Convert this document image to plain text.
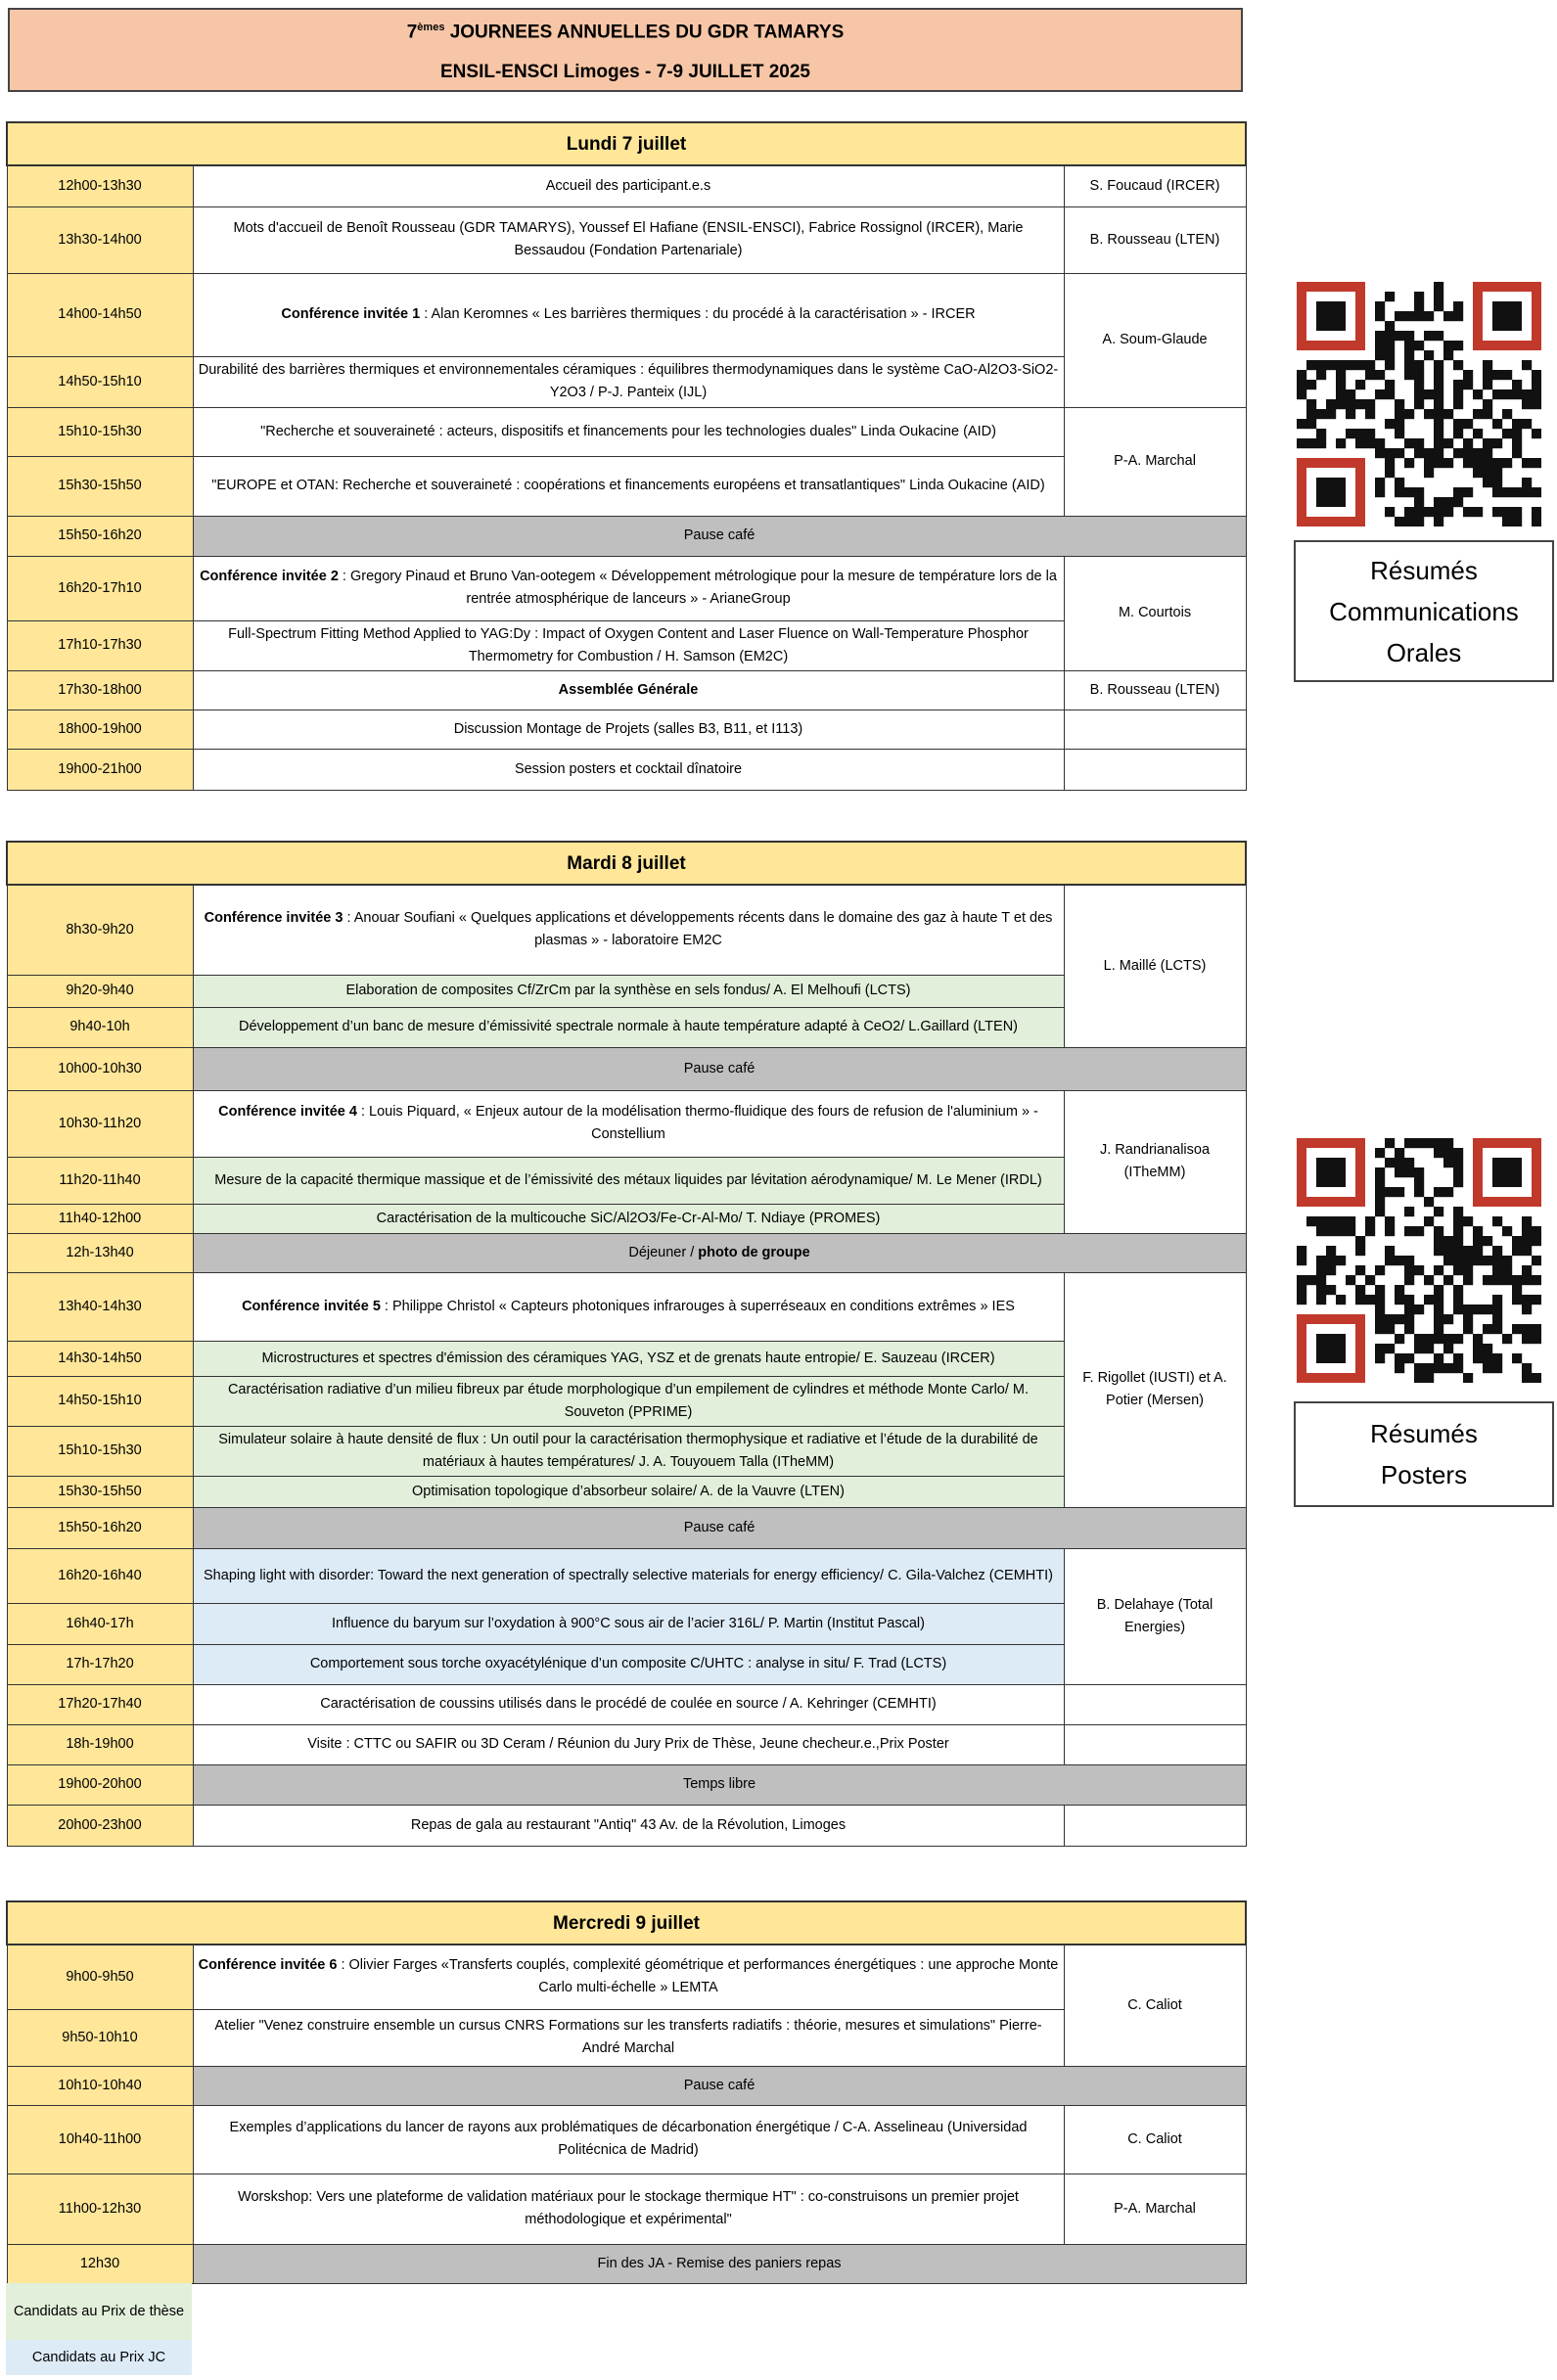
7èmes JOURNEES ANNUELLES DU GDR TAMARYS
ENSIL-ENSCI Limoges - 7-9 JUILLET 2025
Lundi 7 juillet		
12h00-13h30	Accueil des participant.e.s	S. Foucaud (IRCER)
13h30-14h00	Mots d'accueil de Benoît Rousseau (GDR TAMARYS), Youssef El Hafiane (ENSIL-ENSCI), Fabrice Rossignol (IRCER), Marie Bessaudou (Fondation Partenariale)	B. Rousseau (LTEN)
14h00-14h50	Conférence invitée 1 : Alan Keromnes « Les barrières thermiques : du procédé à la caractérisation » - IRCER	A. Soum-Glaude
14h50-15h10	Durabilité des barrières thermiques et environnementales céramiques : équilibres thermodynamiques dans le système CaO-Al2O3-SiO2-Y2O3 / P-J. Panteix (IJL)	
15h10-15h30	"Recherche et souveraineté : acteurs, dispositifs et financements pour les technologies duales" Linda Oukacine (AID)	P-A. Marchal
15h30-15h50	"EUROPE et OTAN: Recherche et souveraineté : coopérations et financements européens et transatlantiques" Linda Oukacine (AID)	
15h50-16h20	Pause café	
16h20-17h10	Conférence invitée 2 : Gregory Pinaud et Bruno Van-ootegem « Développement métrologique pour la mesure de température lors de la rentrée atmosphérique de lanceurs » - ArianeGroup	M. Courtois
17h10-17h30	Full-Spectrum Fitting Method Applied to YAG:Dy : Impact of Oxygen Content and Laser Fluence on Wall-Temperature Phosphor Thermometry for Combustion / H. Samson (EM2C)	
17h30-18h00	Assemblée Générale	B. Rousseau (LTEN)
18h00-19h00	Discussion Montage de Projets (salles B3, B11, et I113)	
19h00-21h00	Session posters et cocktail dînatoire	
Mardi 8 juillet		
8h30-9h20	Conférence invitée 3 : Anouar Soufiani « Quelques applications et développements récents dans le domaine des gaz à haute T et des plasmas » - laboratoire EM2C	L. Maillé (LCTS)
9h20-9h40	Elaboration de composites Cf/ZrCm par la synthèse en sels fondus/ A. El Melhoufi (LCTS)	
9h40-10h	Développement d’un banc de mesure d’émissivité spectrale normale à haute température adapté à CeO2/ L.Gaillard (LTEN)	
10h00-10h30	Pause café	
10h30-11h20	Conférence invitée 4 : Louis Piquard, « Enjeux autour de la modélisation thermo-fluidique des fours de refusion de l'aluminium » - Constellium	J. Randrianalisoa (ITheMM)
11h20-11h40	Mesure de la capacité thermique massique et de l’émissivité des métaux liquides par lévitation aérodynamique/ M. Le Mener (IRDL)	
11h40-12h00	Caractérisation de la multicouche SiC/Al2O3/Fe-Cr-Al-Mo/ T. Ndiaye (PROMES)	
12h-13h40	Déjeuner / photo de groupe	
13h40-14h30	Conférence invitée 5 : Philippe Christol « Capteurs photoniques infrarouges à superréseaux en conditions extrêmes » IES	F. Rigollet (IUSTI) et A. Potier (Mersen)
14h30-14h50	Microstructures et spectres d'émission des céramiques YAG, YSZ et de grenats haute entropie/ E. Sauzeau (IRCER)	
14h50-15h10	Caractérisation radiative d’un milieu fibreux par étude morphologique d’un empilement de cylindres et méthode Monte Carlo/ M. Souveton (PPRIME)	
15h10-15h30	Simulateur solaire à haute densité de flux : Un outil pour la caractérisation thermophysique et radiative et l’étude de la durabilité de matériaux à hautes températures/ J. A. Touyouem Talla (ITheMM)	
15h30-15h50	Optimisation topologique d’absorbeur solaire/ A. de la Vauvre (LTEN)	
15h50-16h20	Pause café	
16h20-16h40	Shaping light with disorder: Toward the next generation of spectrally selective materials for energy efficiency/ C. Gila-Valchez (CEMHTI)	B. Delahaye (Total Energies)
16h40-17h	Influence du baryum sur l’oxydation à 900°C sous air de l’acier 316L/ P. Martin (Institut Pascal)	
17h-17h20	Comportement sous torche oxyacétylénique d’un composite C/UHTC : analyse in situ/ F. Trad (LCTS)	
17h20-17h40	Caractérisation de coussins utilisés dans le procédé de coulée en source / A. Kehringer (CEMHTI)	
18h-19h00	Visite : CTTC ou SAFIR ou 3D Ceram / Réunion du Jury Prix de Thèse, Jeune checheur.e.,Prix Poster	
19h00-20h00	Temps libre	
20h00-23h00	Repas de gala au restaurant "Antiq" 43 Av. de la Révolution, Limoges	
Mercredi 9 juillet		
9h00-9h50	Conférence invitée 6 : Olivier Farges «Transferts couplés, complexité géométrique et performances énergétiques : une approche Monte Carlo multi-échelle » LEMTA	C. Caliot
9h50-10h10	Atelier "Venez construire ensemble un cursus CNRS Formations sur les transferts radiatifs : théorie, mesures et simulations" Pierre-André Marchal	
10h10-10h40	Pause café	
10h40-11h00	Exemples d’applications du lancer de rayons aux problématiques de décarbonation énergétique / C-A. Asselineau (Universidad Politécnica de Madrid)	C. Caliot
11h00-12h30	Worskshop: Vers une plateforme de validation matériaux pour le stockage thermique HT" : co-construisons un premier projet méthodologique et expérimental"	P-A. Marchal
12h30	Fin des JA - Remise des paniers repas	
Candidats au Prix de thèse
Candidats au Prix JC
Résumés
Communications
Orales
Résumés
Posters
